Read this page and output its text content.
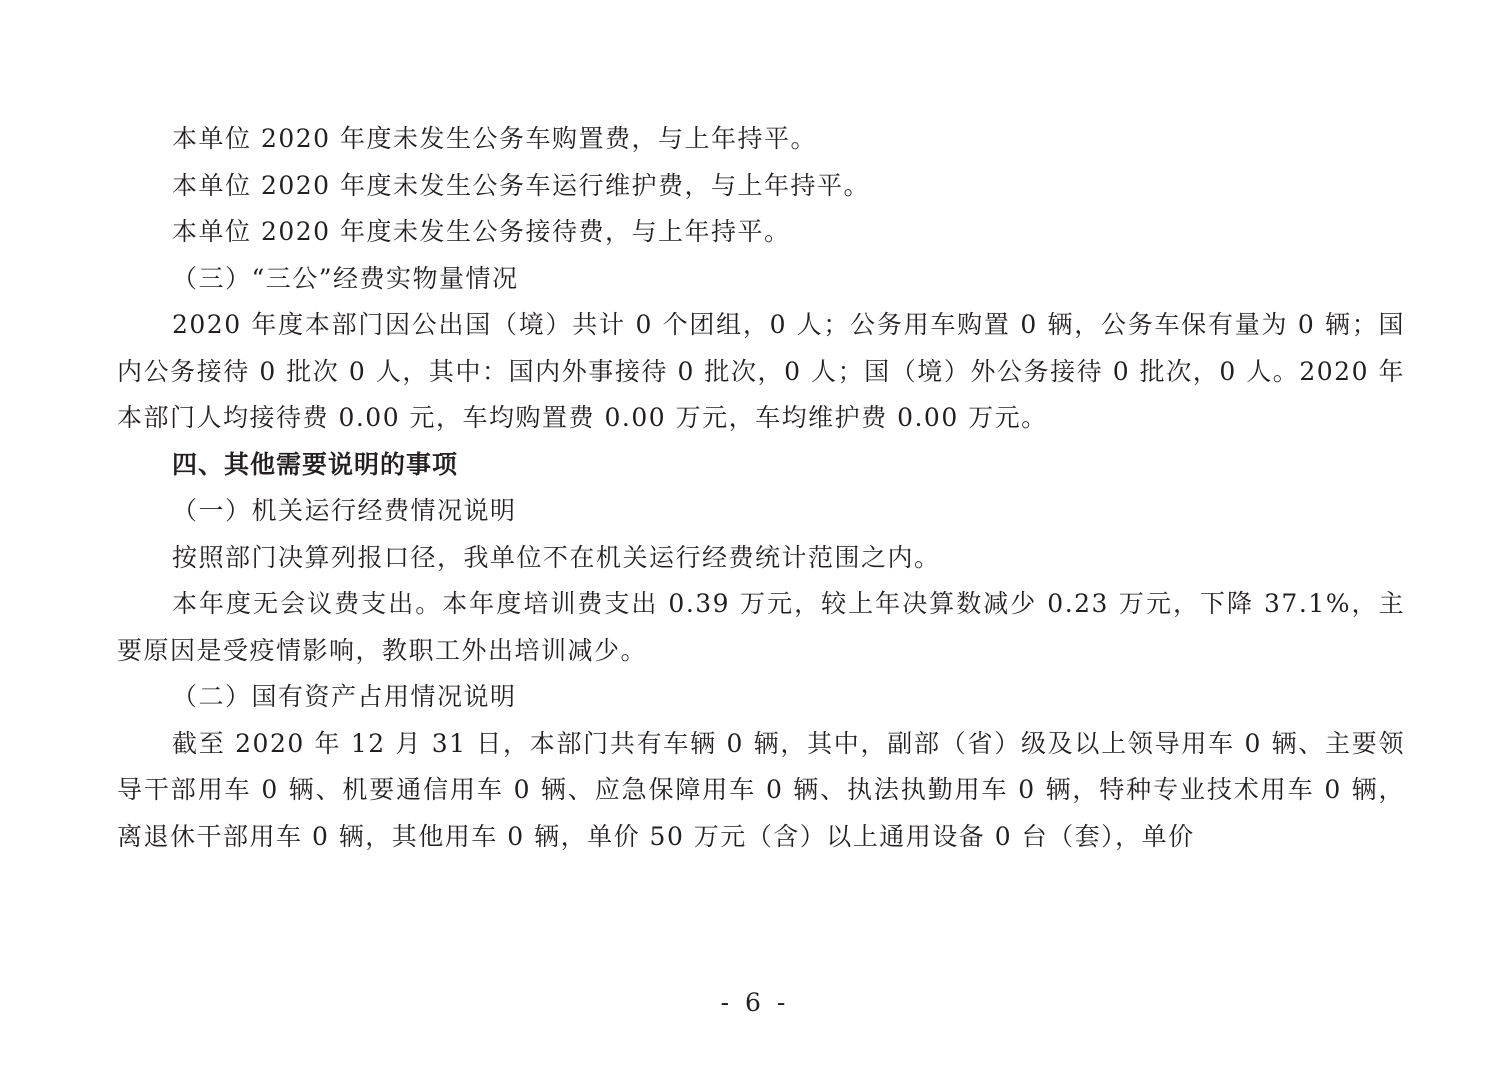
本单位 2020 年度未发生公务车购置费，与上年持平。

本单位 2020 年度未发生公务车运行维护费，与上年持平。

本单位 2020 年度未发生公务接待费，与上年持平。

（三）“三公”经费实物量情况

2020 年度本部门因公出国（境）共计 0 个团组，0 人；公务用车购置 0 辆，公务车保有量为 0 辆；国内公务接待 0 批次 0 人，其中：国内外事接待 0 批次，0 人；国（境）外公务接待 0 批次，0 人。2020 年本部门人均接待费 0.00 元，车均购置费 0.00 万元，车均维护费 0.00 万元。

四、其他需要说明的事项

（一）机关运行经费情况说明

按照部门决算列报口径，我单位不在机关运行经费统计范围之内。

本年度无会议费支出。本年度培训费支出 0.39 万元，较上年决算数减少 0.23 万元，下降 37.1%，主要原因是受疫情影响，教职工外出培训减少。

（二）国有资产占用情况说明

截至 2020 年 12 月 31 日，本部门共有车辆 0 辆，其中，副部（省）级及以上领导用车 0 辆、主要领导干部用车 0 辆、机要通信用车 0 辆、应急保障用车 0 辆、执法执勤用车 0 辆，特种专业技术用车 0 辆，离退休干部用车 0 辆，其他用车 0 辆，单价 50 万元（含）以上通用设备 0 台（套），单价

- 6 -
